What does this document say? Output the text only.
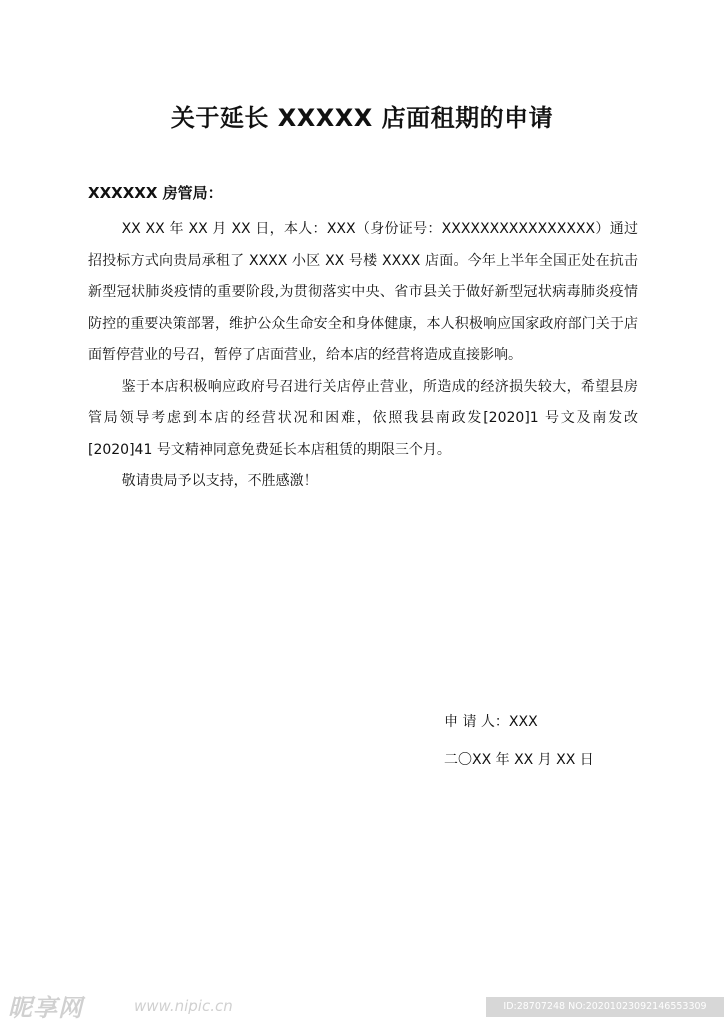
关于延长 XXXXX 店面租期的申请
XXXXXX 房管局：

XX XX 年 XX 月 XX 日，本人：XXX（身份证号：XXXXXXXXXXXXXXXX）通过招投标方式向贵局承租了 XXXX 小区 XX 号楼 XXXX 店面。今年上半年全国正处在抗击新型冠状肺炎疫情的重要阶段,为贯彻落实中央、省市县关于做好新型冠状病毒肺炎疫情防控的重要决策部署，维护公众生命安全和身体健康，本人积极响应国家政府部门关于店面暂停营业的号召，暂停了店面营业，给本店的经营将造成直接影响。

鉴于本店积极响应政府号召进行关店停止营业，所造成的经济损失较大，希望县房管局领导考虑到本店的经营状况和困难，依照我县南政发[2020]1 号文及南发改[2020]41 号文精神同意免费延长本店租赁的期限三个月。

敬请贵局予以支持，不胜感激！

申 请 人：XXX
二〇XX 年 XX 月 XX 日
昵享网	www.nipic.cn	ID:28707248 NO:20201023092146553309
